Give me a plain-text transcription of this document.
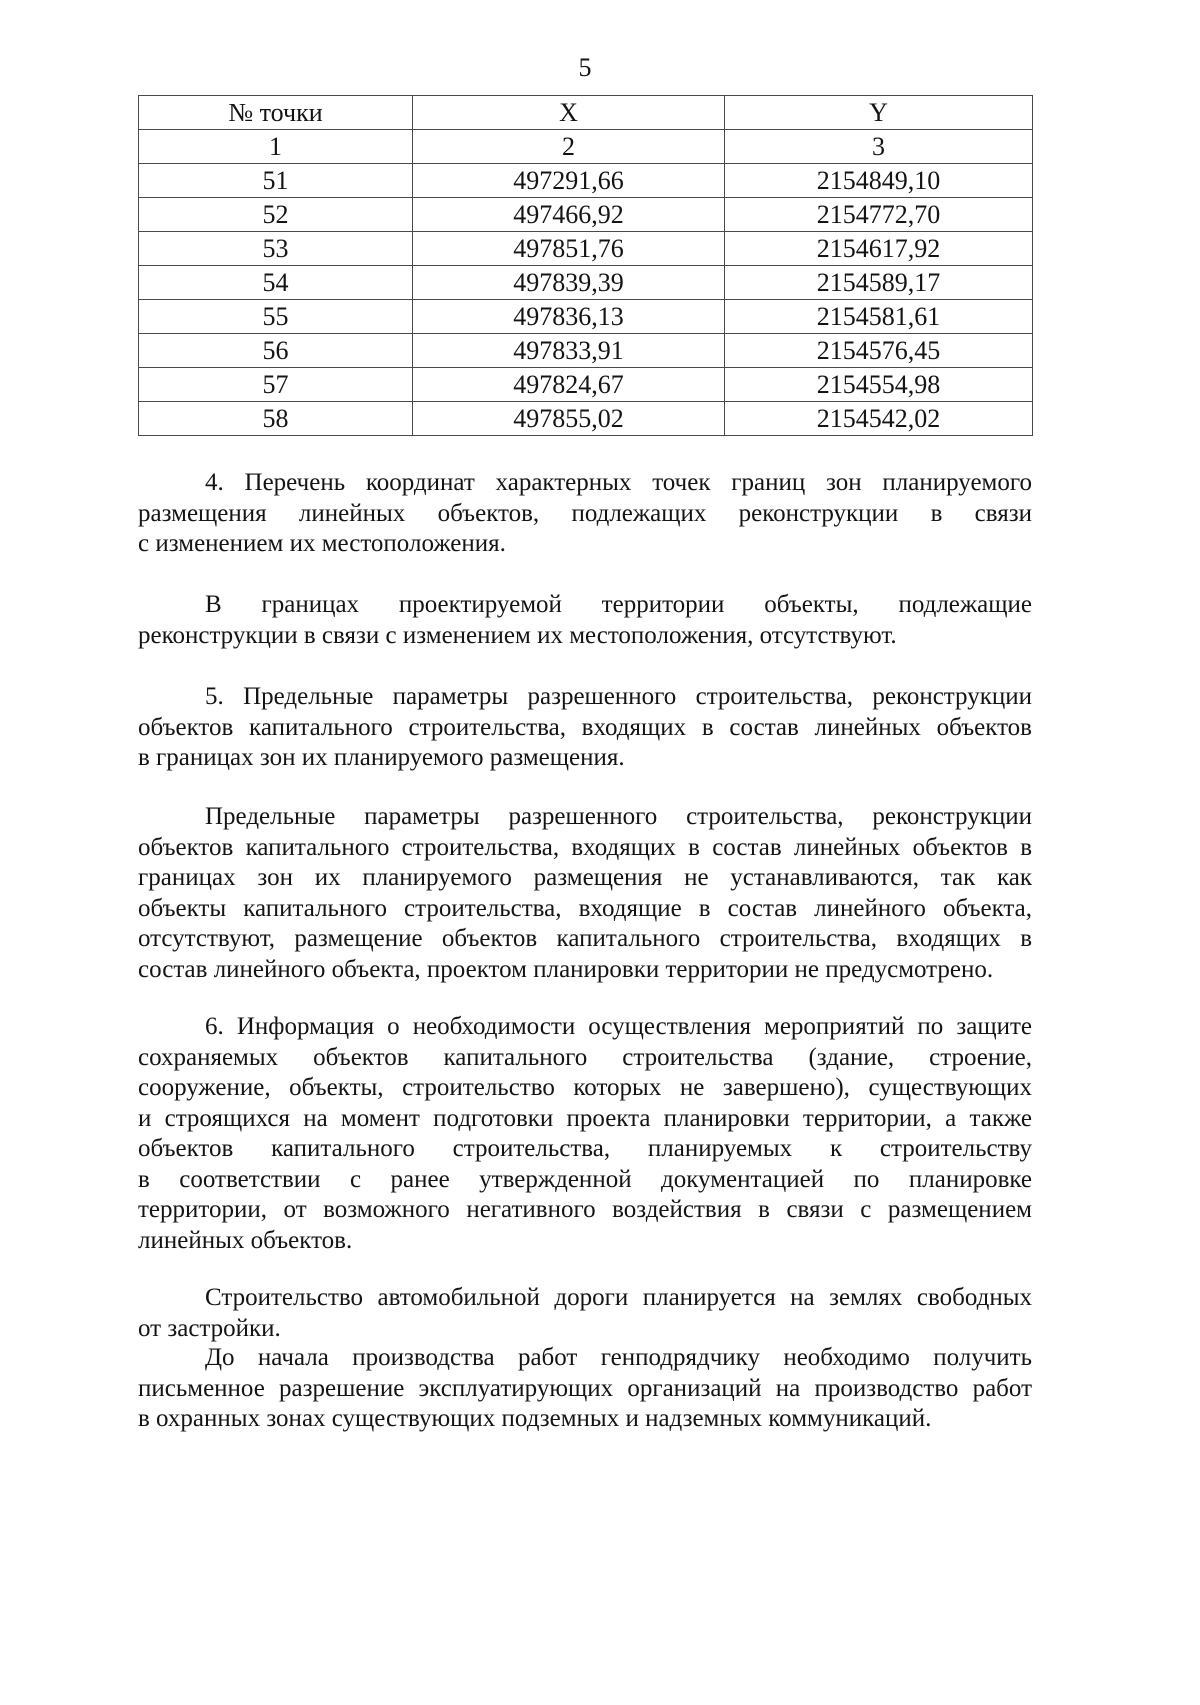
5
№ точки	X	Y
1	2	3
51	497291,66	2154849,10
52	497466,92	2154772,70
53	497851,76	2154617,92
54	497839,39	2154589,17
55	497836,13	2154581,61
56	497833,91	2154576,45
57	497824,67	2154554,98
58	497855,02	2154542,02
4. Перечень координат характерных точек границ зон планируемого
размещения линейных объектов, подлежащих реконструкции в связи
с изменением их местоположения.
В границах проектируемой территории объекты, подлежащие
реконструкции в связи с изменением их местоположения, отсутствуют.
5. Предельные параметры разрешенного строительства, реконструкции
объектов капитального строительства, входящих в состав линейных объектов
в границах зон их планируемого размещения.
Предельные параметры разрешенного строительства, реконструкции
объектов капитального строительства, входящих в состав линейных объектов в
границах зон их планируемого размещения не устанавливаются, так как
объекты капитального строительства, входящие в состав линейного объекта,
отсутствуют, размещение объектов капитального строительства, входящих в
состав линейного объекта, проектом планировки территории не предусмотрено.
6. Информация о необходимости осуществления мероприятий по защите
сохраняемых объектов капитального строительства (здание, строение,
сооружение, объекты, строительство которых не завершено), существующих
и строящихся на момент подготовки проекта планировки территории, а также
объектов капитального строительства, планируемых к строительству
в соответствии с ранее утвержденной документацией по планировке
территории, от возможного негативного воздействия в связи с размещением
линейных объектов.
Строительство автомобильной дороги планируется на землях свободных
от застройки.
До начала производства работ генподрядчику необходимо получить
письменное разрешение эксплуатирующих организаций на производство работ
в охранных зонах существующих подземных и надземных коммуникаций.
